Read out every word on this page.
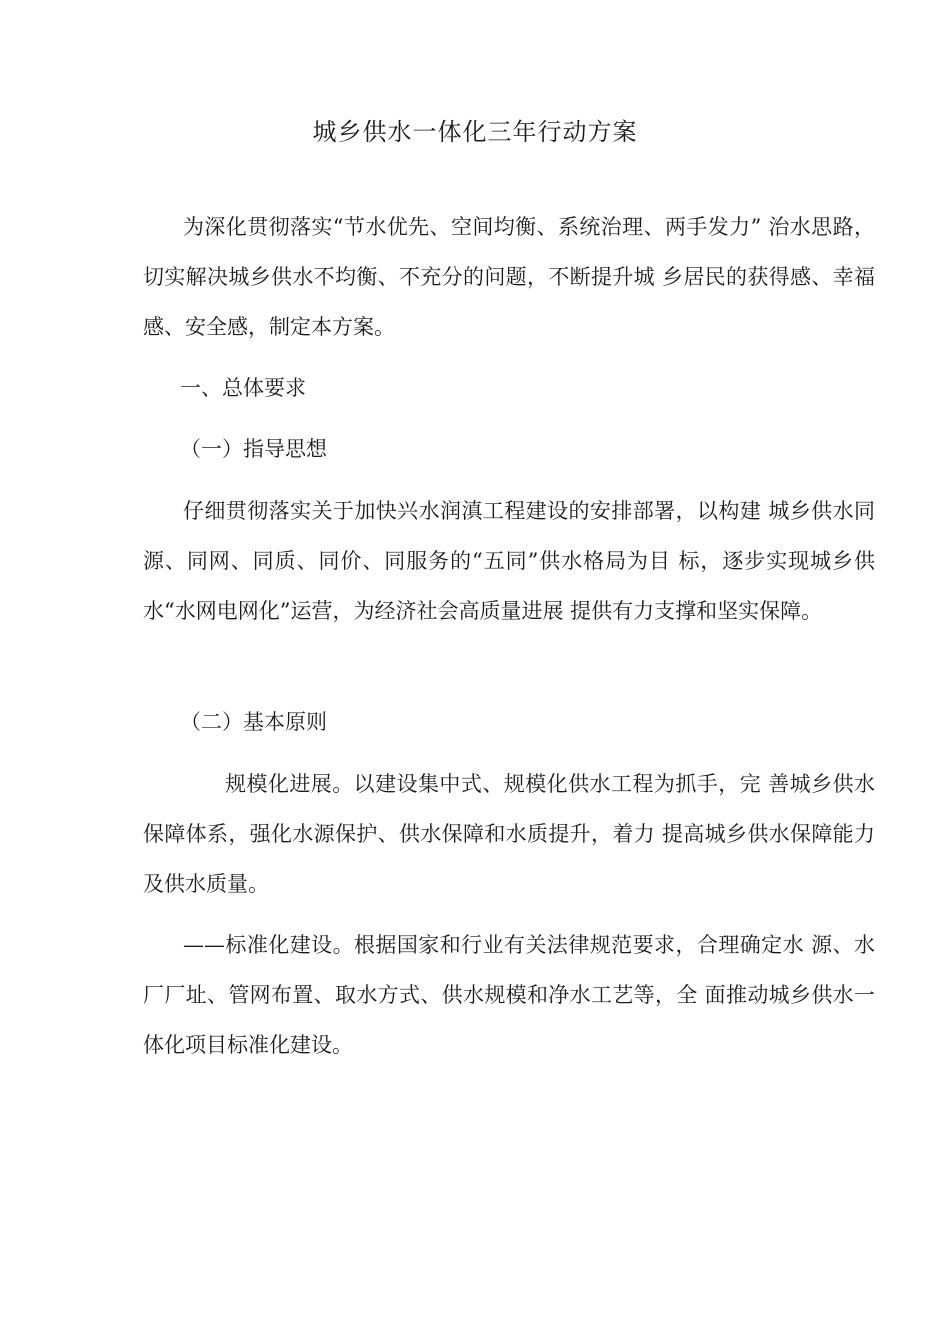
城乡供水一体化三年行动方案

为深化贯彻落实“节水优先、空间均衡、系统治理、两手发力” 治水思路，切实解决城乡供水不均衡、不充分的问题，不断提升城 乡居民的获得感、幸福感、安全感，制定本方案。

一、总体要求

（一）指导思想

仔细贯彻落实关于加快兴水润滇工程建设的安排部署，以构建 城乡供水同源、同网、同质、同价、同服务的“五同”供水格局为目 标，逐步实现城乡供水“水网电网化”运营，为经济社会高质量进展 提供有力支撑和坚实保障。

（二）基本原则

规模化进展。以建设集中式、规模化供水工程为抓手，完 善城乡供水保障体系，强化水源保护、供水保障和水质提升，着力 提高城乡供水保障能力及供水质量。

——标准化建设。根据国家和行业有关法律规范要求，合理确定水 源、水厂厂址、管网布置、取水方式、供水规模和净水工艺等，全 面推动城乡供水一体化项目标准化建设。
